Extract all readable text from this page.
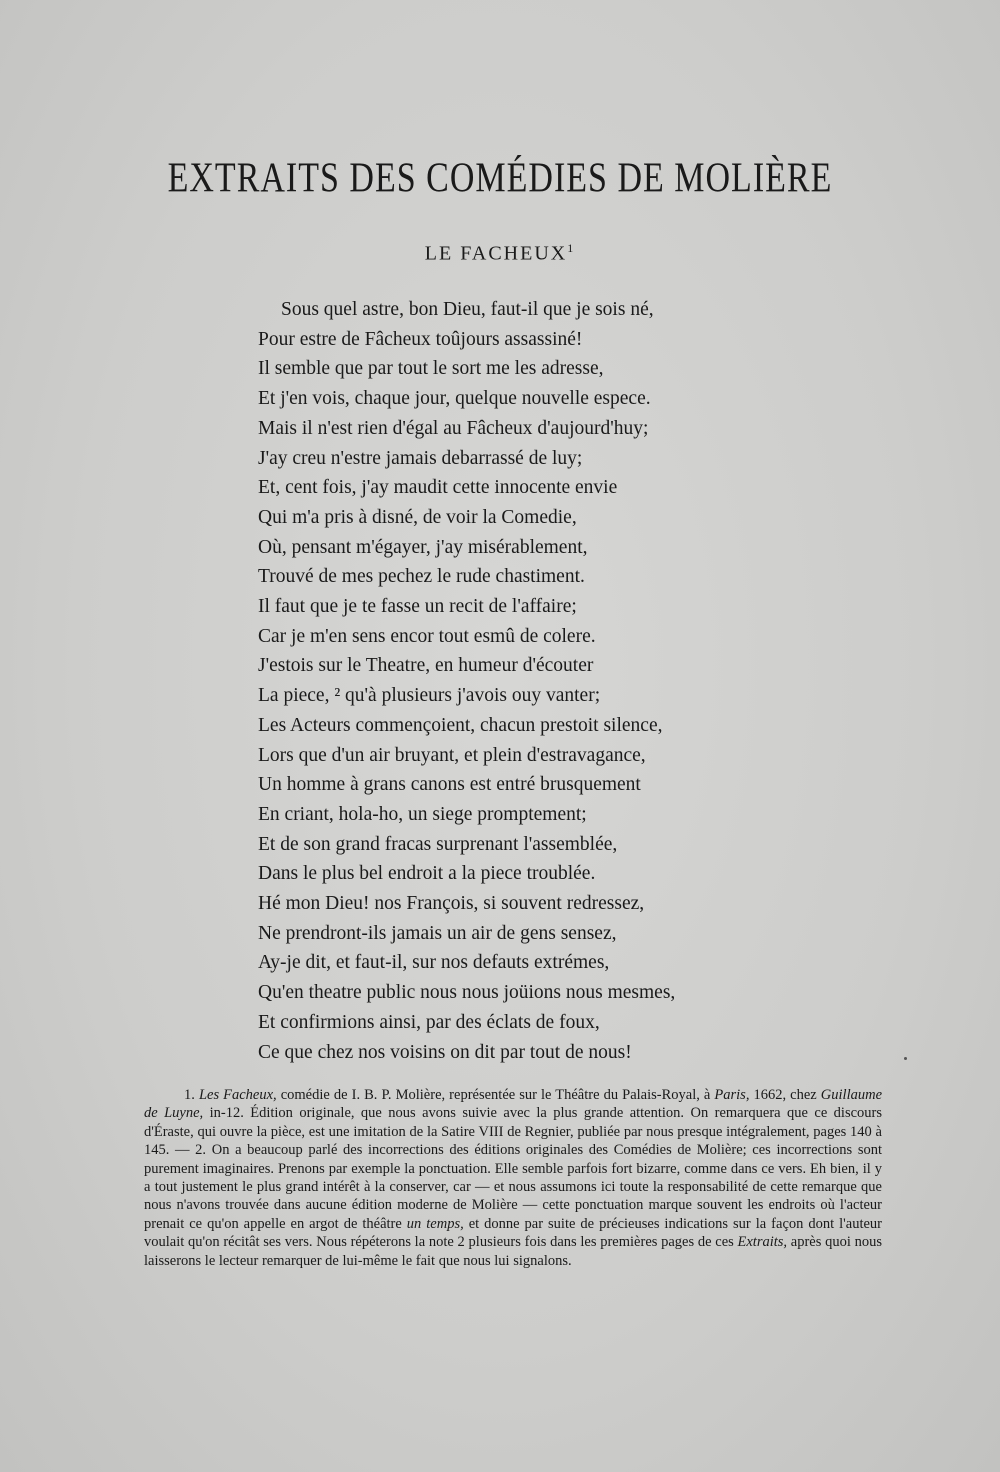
EXTRAITS DES COMÉDIES DE MOLIÈRE
LE FACHEUX$^1$
Sous quel astre, bon Dieu, faut-il que je sois né,
Pour estre de Fâcheux toûjours assassiné!
Il semble que par tout le sort me les adresse,
Et j'en vois, chaque jour, quelque nouvelle espece.
Mais il n'est rien d'égal au Fâcheux d'aujourd'huy;
J'ay creu n'estre jamais debarrassé de luy;
Et, cent fois, j'ay maudit cette innocente envie
Qui m'a pris à disné, de voir la Comedie,
Où, pensant m'égayer, j'ay misérablement,
Trouvé de mes pechez le rude chastiment.
Il faut que je te fasse un recit de l'affaire;
Car je m'en sens encor tout esmû de colere.
J'estois sur le Theatre, en humeur d'écouter
La piece, ² qu'à plusieurs j'avois ouy vanter;
Les Acteurs commençoient, chacun prestoit silence,
Lors que d'un air bruyant, et plein d'estravagance,
Un homme à grans canons est entré brusquement
En criant, hola-ho, un siege promptement;
Et de son grand fracas surprenant l'assemblée,
Dans le plus bel endroit a la piece troublée.
Hé mon Dieu! nos François, si souvent redressez,
Ne prendront-ils jamais un air de gens sensez,
Ay-je dit, et faut-il, sur nos defauts extrémes,
Qu'en theatre public nous nous joüions nous mesmes,
Et confirmions ainsi, par des éclats de foux,
Ce que chez nos voisins on dit par tout de nous!
1. Les Facheux, comédie de I. B. P. Molière, représentée sur le Théâtre du Palais-Royal, à Paris, 1662, chez Guillaume de Luyne, in-12. Édition originale, que nous avons suivie avec la plus grande attention. On remarquera que ce discours d'Éraste, qui ouvre la pièce, est une imitation de la Satire VIII de Regnier, publiée par nous presque intégralement, pages 140 à 145. — 2. On a beaucoup parlé des incorrections des éditions originales des Comédies de Molière; ces incorrections sont purement imaginaires. Prenons par exemple la ponctuation. Elle semble parfois fort bizarre, comme dans ce vers. Eh bien, il y a tout justement le plus grand intérêt à la conserver, car — et nous assumons ici toute la responsabilité de cette remarque que nous n'avons trouvée dans aucune édition moderne de Molière — cette ponctuation marque souvent les endroits où l'acteur prenait ce qu'on appelle en argot de théâtre un temps, et donne par suite de précieuses indications sur la façon dont l'auteur voulait qu'on récitât ses vers. Nous répéterons la note 2 plusieurs fois dans les premières pages de ces Extraits, après quoi nous laisserons le lecteur remarquer de lui-même le fait que nous lui signalons.
